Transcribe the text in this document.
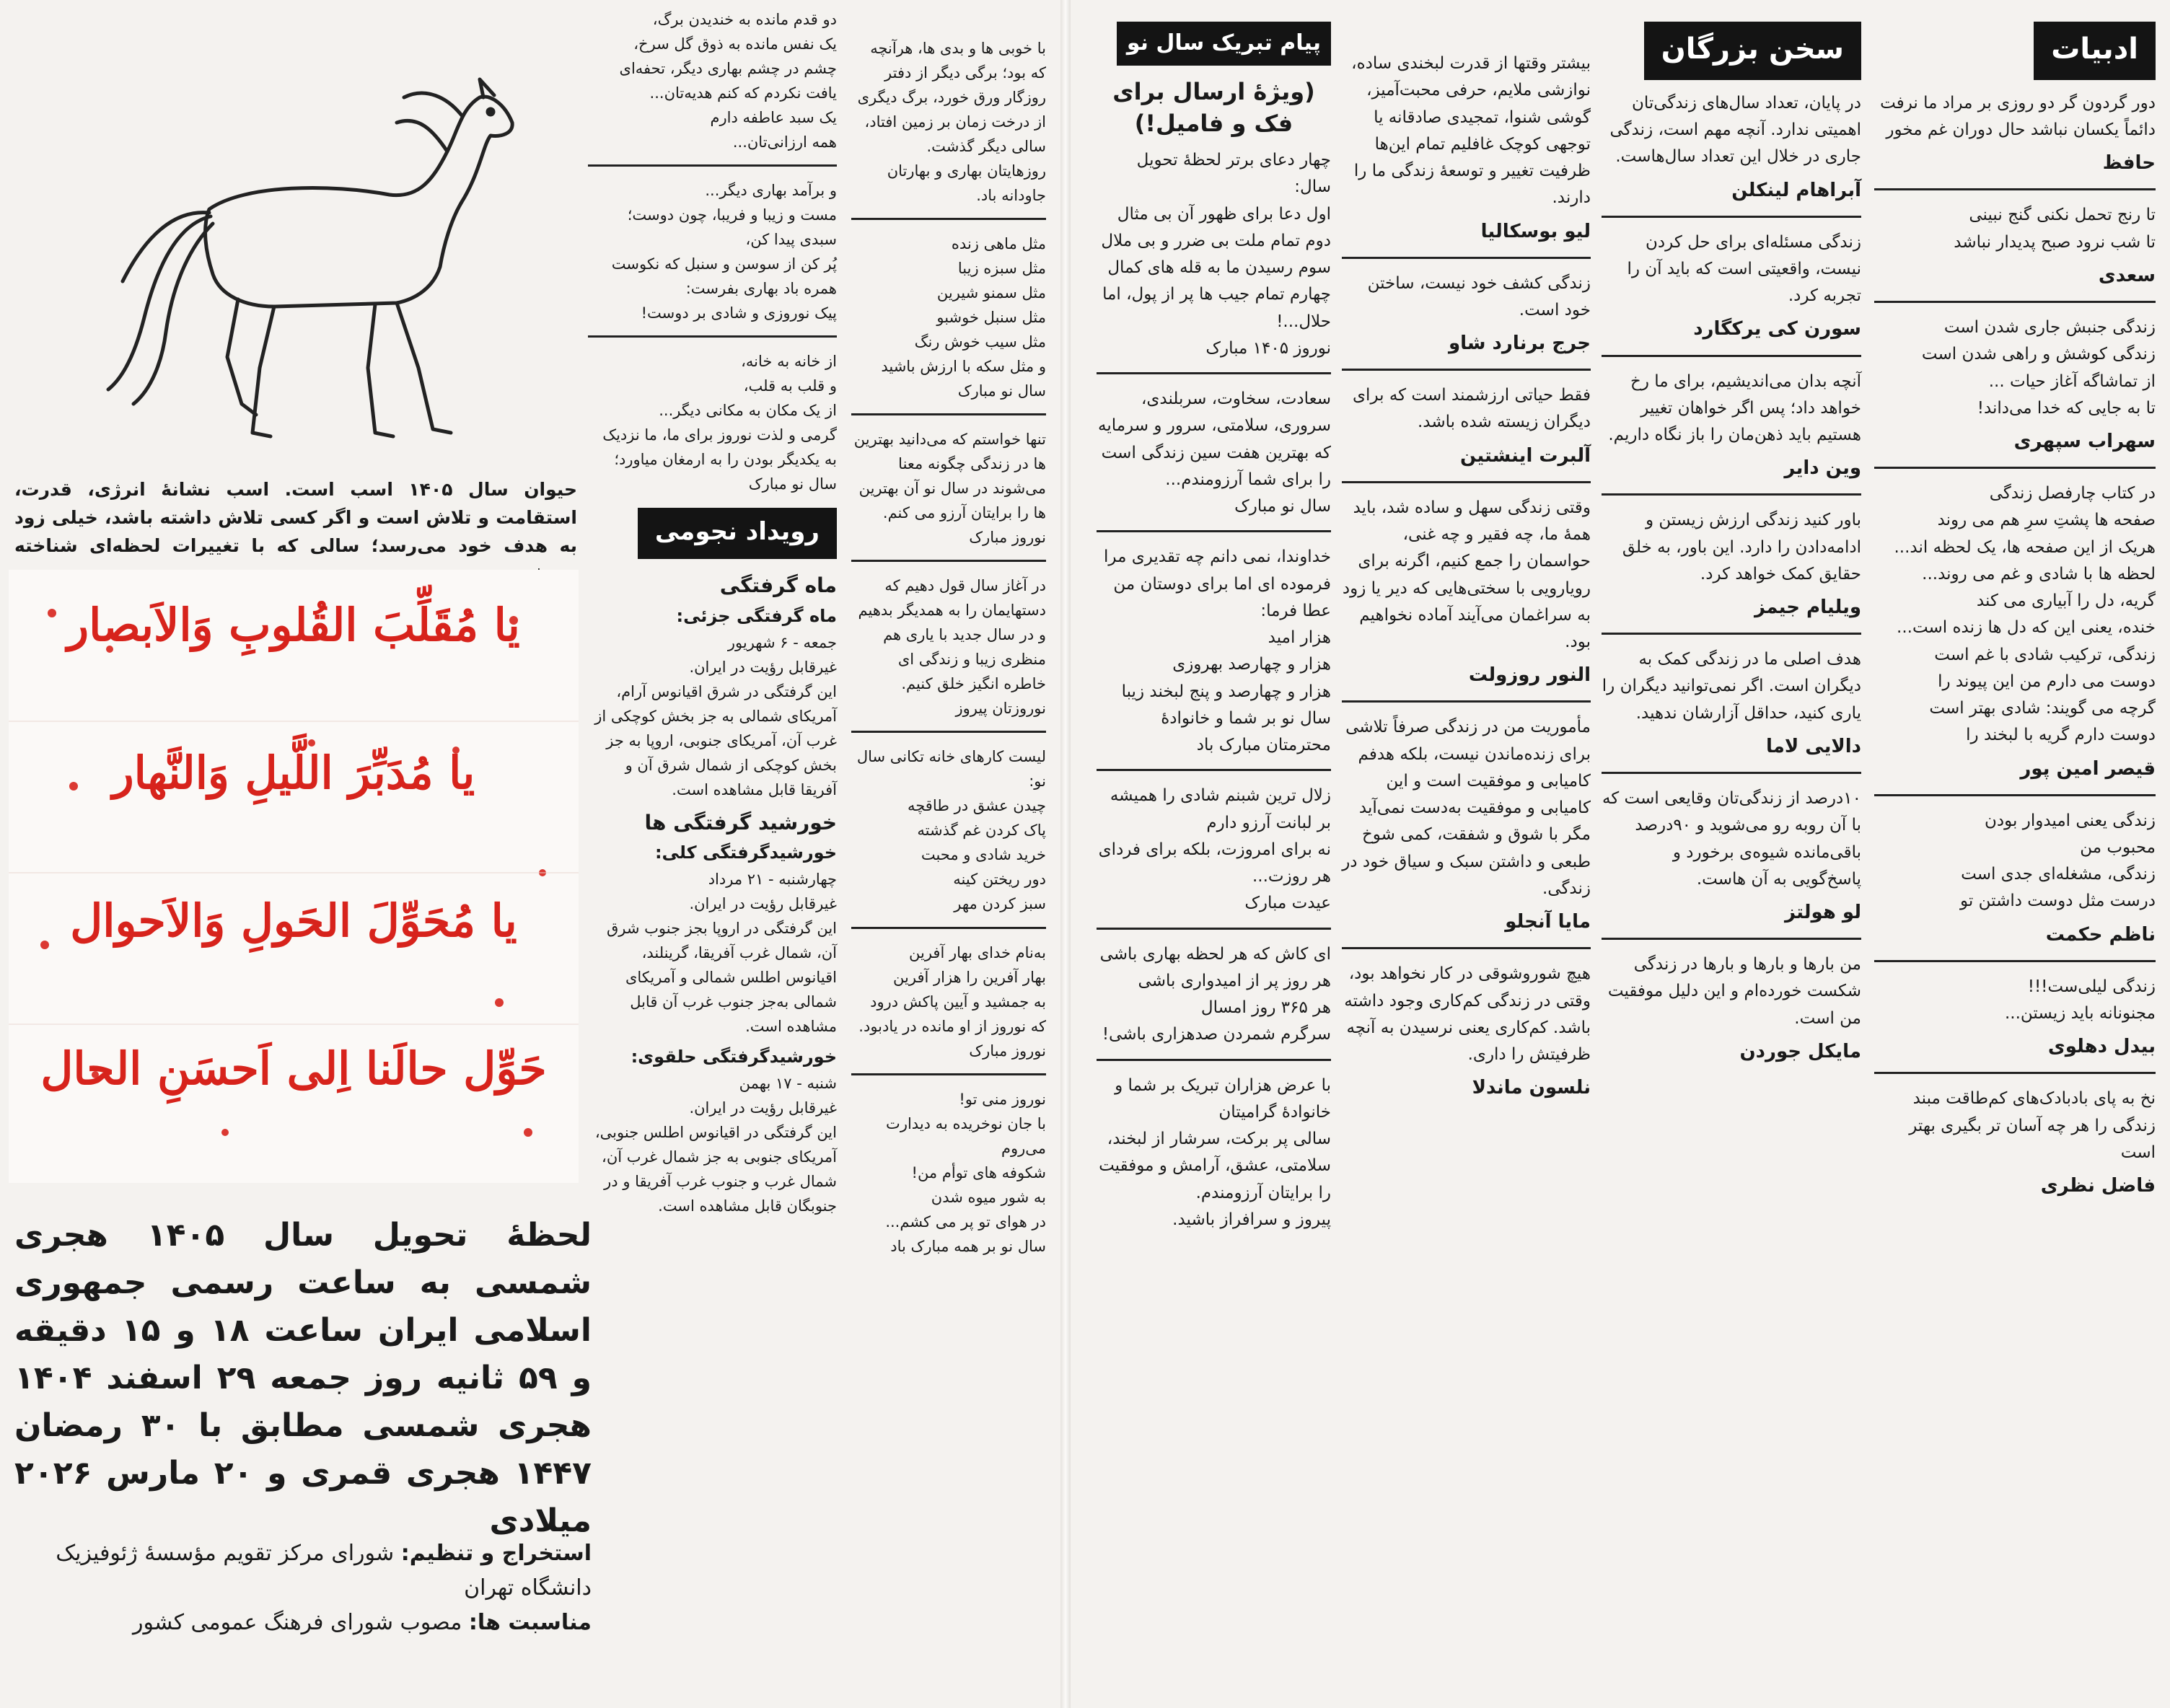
ادبیات

دور گردون گر دو روزی بر مراد ما نرفت
دائماً یکسان نباشد حال دوران غم مخور

حافظ

تا رنج تحمل نکنی گنج نبینی
تا شب نرود صبح پدیدار نباشد

سعدی

زندگی جنبش جاری شدن است
زندگی کوشش و راهی شدن است
از تماشاگه آغاز حیات ...
تا به جایی که خدا می‌داند!

سهراب سپهری

در کتاب چارفصل زندگی
صفحه ها پشتِ سرِ هم می روند
هریک از این صفحه ها، یک لحظه اند...
لحظه ها با شادی و غم می روند...
گریه، دل را آبیاری می کند
خنده، یعنی این که دل ها زنده است...
زندگی، ترکیب شادی با غم است
دوست می دارم من این پیوند را
گرچه می گویند: شادی بهتر است
دوست دارم گریه با لبخند را

قیصر امین پور

زندگی یعنی امیدوار بودن
محبوب من
زندگی، مشغله‌ای جدی است
درست مثل دوست داشتن تو

ناظم حکمت

زندگی لیلی‌ست!!!
مجنونانه باید زیستن...

بیدل دهلوی

نخ به پای بادبادک‌های کم‌طاقت مبند
زندگی را هر چه آسان تر بگیری بهتر است

فاضل نظری
سخن بزرگان

در پایان، تعداد سال‌های زندگی‌تان اهمیتی ندارد. آنچه مهم است، زندگی جاری در خلال این تعداد سال‌هاست.

آبراهام لینکلن

زندگی مسئله‌ای برای حل کردن نیست، واقعیتی است که باید آن را تجربه کرد.

سورن کی یرکگارد

آنچه بدان می‌اندیشیم، برای ما رخ خواهد داد؛ پس اگر خواهان تغییر هستیم باید ذهن‌مان را باز نگاه داریم.

وین دایر

باور کنید زندگی ارزش زیستن و ادامه‌دادن را دارد. این باور، به خلق حقایق کمک خواهد کرد.

ویلیام جیمز

هدف اصلی ما در زندگی کمک به دیگران است. اگر نمی‌توانید دیگران را یاری کنید، حداقل آزارشان ندهید.

دالایی لاما

۱۰درصد از زندگی‌تان وقایعی است که با آن روبه رو می‌شوید و ۹۰درصد باقی‌مانده شیوه‌ی برخورد و پاسخ‌گویی به آن هاست.

لو هولتز

من بارها و بارها و بارها در زندگی شکست خورده‌ام و این دلیل موفقیت من است.

مایکل جوردن

بیشتر وقتها از قدرت لبخندی ساده، نوازشی ملایم، حرفی محبت‌آمیز، گوشی شنوا، تمجیدی صادقانه یا توجهی کوچک غافلیم تمام این‌ها ظرفیت تغییر و توسعۀ زندگی ما را دارند.

لیو بوسکالیا

زندگی کشف خود نیست، ساختن خود است.

جرج برنارد شاو

فقط حیاتی ارزشمند است که برای دیگران زیسته شده باشد.

آلبرت اینشتین

وقتی زندگی سهل و ساده شد، باید همهٔ ما، چه فقیر و چه غنی، حواسمان را جمع کنیم، اگرنه برای رویارویی با سختی‌هایی که دیر یا زود به سراغمان می‌آیند آماده نخواهیم بود.

النور روزولت

مأموریت من در زندگی صرفاً تلاشی برای زنده‌ماندن نیست، بلکه هدفم کامیابی و موفقیت است و این کامیابی و موفقیت به‌دست نمی‌آید مگر با شوق و شفقت، کمی شوخ طبعی و داشتن سبک و سیاق خود در زندگی.

مایا آنجلو

هیچ شوروشوقی در کار نخواهد بود، وقتی در زندگی کم‌کاری وجود داشته باشد. کم‌کاری یعنی نرسیدن به آنچه ظرفیتش را داری.

نلسون ماندلا
پیام تبریک سال نو
(ویژۀ ارسال برای فک و فامیل!)

چهار دعای برتر لحظهٔ تحویل سال:
اول دعا برای ظهور آن بی مثال
دوم تمام ملت بی ضرر و بی ملال
سوم رسیدن ما به قله های کمال
چهارم تمام جیب ها پر از پول، اما حلال...!
نوروز ۱۴۰۵ مبارک

سعادت، سخاوت، سربلندی، سروری، سلامتی، سرور و سرمایه که بهترین هفت سین زندگی است را برای شما آرزومندم...
سال نو مبارک

خداوندا، نمی دانم چه تقدیری مرا فرموده ای اما برای دوستان من عطا فرما:
هزار امید
هزار و چهارصد بهروزی
هزار و چهارصد و پنج لبخند زیبا
سال نو بر شما و خانوادهٔ محترمتان مبارک باد

زلال ترین شبنم شادی را همیشه بر لبانت آرزو دارم
نه برای امروزت، بلکه برای فردای هر روزت...
عیدت مبارک

ای کاش که هر لحظه بهاری باشی
هر روز پر از امیدواری باشی
هر ۳۶۵ روز امسال
سرگرم شمردن صدهزاری باشی!

با عرض هزاران تبریک بر شما و خانوادهٔ گرامیتان
سالی پر برکت، سرشار از لبخند، سلامتی، عشق، آرامش و موفقیت را برایتان آرزومندم.
پیروز و سرافراز باشید.

با خوبی ها و بدی ها، هرآنچه که بود؛ برگی دیگر از دفتر روزگار ورق خورد، برگ دیگری از درخت زمان بر زمین افتاد، سالی دیگر گذشت.
روزهایتان بهاری و بهارتان جاودانه باد.

مثل ماهی زنده
مثل سبزه زیبا
مثل سمنو شیرین
مثل سنبل خوشبو
مثل سیب خوش رنگ
و مثل سکه با ارزش باشید
سال نو مبارک

تنها خواستم که می‌دانید بهترین ها در زندگی چگونه معنا می‌شوند در سال نو آن بهترین ها را برایتان آرزو می کنم.
نوروز مبارک

در آغاز سال قول دهیم که دستهایمان را به همدیگر بدهیم و در سال جدید با یاری هم منظری زیبا و زندگی ای خاطره انگیز خلق کنیم.
نوروزتان پیروز

لیست کارهای خانه تکانی سال نو:
چیدن عشق در طاقچه
پاک کردن غم گذشته
خرید شادی و محبت
دور ریختن کینه
سبز کردن مهر

به‌نام خدای بهار آفرین
بهار آفرین را هزار آفرین
به جمشید و آیین پاکش درود
که نوروز از او مانده در یادبود.
نوروز مبارک

نوروز منی تو!
با جان نوخریده به دیدارت می‌روم
شکوفه های توأم من!
به شور میوه شدن
در هوای تو پر می کشم...
سال نو بر همه مبارک باد

دو قدم مانده به خندیدن برگ،
یک نفس مانده به ذوق گل سرخ،
چشم در چشم بهاری دیگر، تحفه‌ای یافت نکردم که کنم هدیه‌تان...
یک سبد عاطفه دارم
همه ارزانی‌تان...

و برآمد بهاری دیگر...
مست و زیبا و فریبا، چون دوست؛
سبدی پیدا کن،
پُر کن از سوسن و سنبل که نکوست
همره باد بهاری بفرست:
پیک نوروزی و شادی بر دوست!

از خانه به خانه،
و قلب به قلب،
از یک مکان به مکانی دیگر...
گرمی و لذت نوروز برای ما، ما نزدیک به یکدیگر بودن را به ارمغان میاورد؛
سال نو مبارک

رویداد نجومی
ماه گرفتگی
ماه گرفتگی جزئی:
جمعه - ۶ شهریور
غیرقابل رؤیت در ایران.

این گرفتگی در شرق اقیانوس آرام، آمریکای شمالی به جز بخش کوچکی از غرب آن، آمریکای جنوبی، اروپا به جز بخش کوچکی از شمال شرق آن و آفریقا قابل مشاهده است.

خورشید گرفتگی ها
خورشیدگرفتگی کلی:
چهارشنبه - ۲۱ مرداد
غیرقابل رؤیت در ایران.

این گرفتگی در اروپا بجز جنوب شرق آن، شمال غرب آفریقا، گرینلند، اقیانوس اطلس شمالی و آمریکای شمالی به‌جز جنوب غرب آن قابل مشاهده است.

خورشیدگرفتگی حلقوی:
شنبه - ۱۷ بهمن
غیرقابل رؤیت در ایران.

این گرفتگی در اقیانوس اطلس جنوبی، آمریکای جنوبی به جز شمال غرب آن، شمال غرب و جنوب غرب آفریقا و در جنوبگان قابل مشاهده است.

حیوان سال ۱۴۰۵ اسب است. اسب نشانهٔ انرژی، قدرت، استقامت و تلاش است و اگر کسی تلاش داشته باشد، خیلی زود به هدف خود می‌رسد؛ سالی که با تغییرات لحظه‌ای شناخته
یا مُقَلِّبَ القُلوبِ وَالاَبصار
یا مُدَبِّرَ اللَّیلِ وَالنَّهار
یا مُحَوِّلَ الحَولِ وَالاَحوال
حَوِّل حالَنا اِلی اَحسَنِ الحال
لحظهٔ تحویل سال ۱۴۰۵ هجری شمسی به ساعت رسمی جمهوری اسلامی ایران ساعت ۱۸ و ۱۵ دقیقه و ۵۹ ثانیه روز جمعه ۲۹ اسفند ۱۴۰۴ هجری شمسی مطابق با ۳۰ رمضان ۱۴۴۷ هجری قمری و ۲۰ مارس ۲۰۲۶ میلادی
استخراج و تنظیم: شورای مرکز تقویم مؤسسهٔ ژئوفیزیک دانشگاه تهران
مناسبت ها: مصوب شورای فرهنگ عمومی کشور
